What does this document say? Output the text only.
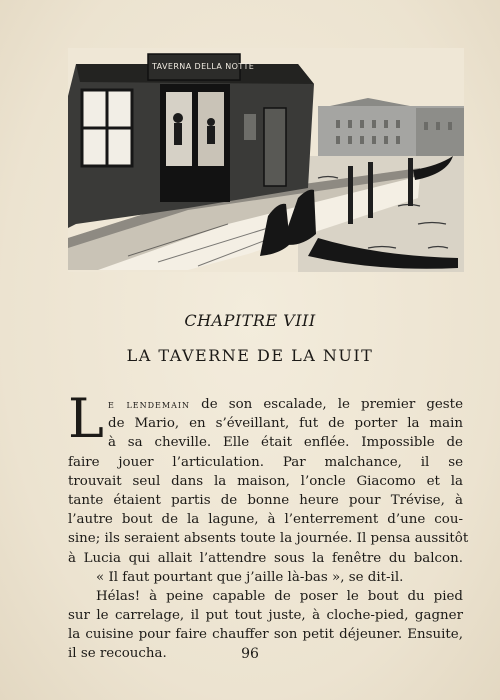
TAVERNA DELLA NOTTE
CHAPITRE VIII
LA TAVERNE DE LA NUIT
L e lendemain de son escalade, le premier geste
de Mario, en s’éveillant, fut de porter la main
à sa cheville. Elle était enflée. Impossible de
faire jouer l’articulation. Par malchance, il se
trouvait seul dans la maison, l’oncle Giacomo et la
tante étaient partis de bonne heure pour Trévise, à
l’autre bout de la lagune, à l’enterrement d’une cou-
sine; ils seraient absents toute la journée. Il pensa aussitôt
à Lucia qui allait l’attendre sous la fenêtre du balcon.
« Il faut pourtant que j’aille là-bas », se dit-il.
Hélas! à peine capable de poser le bout du pied
sur le carrelage, il put tout juste, à cloche-pied, gagner
la cuisine pour faire chauffer son petit déjeuner. Ensuite,
il se recoucha.	96
